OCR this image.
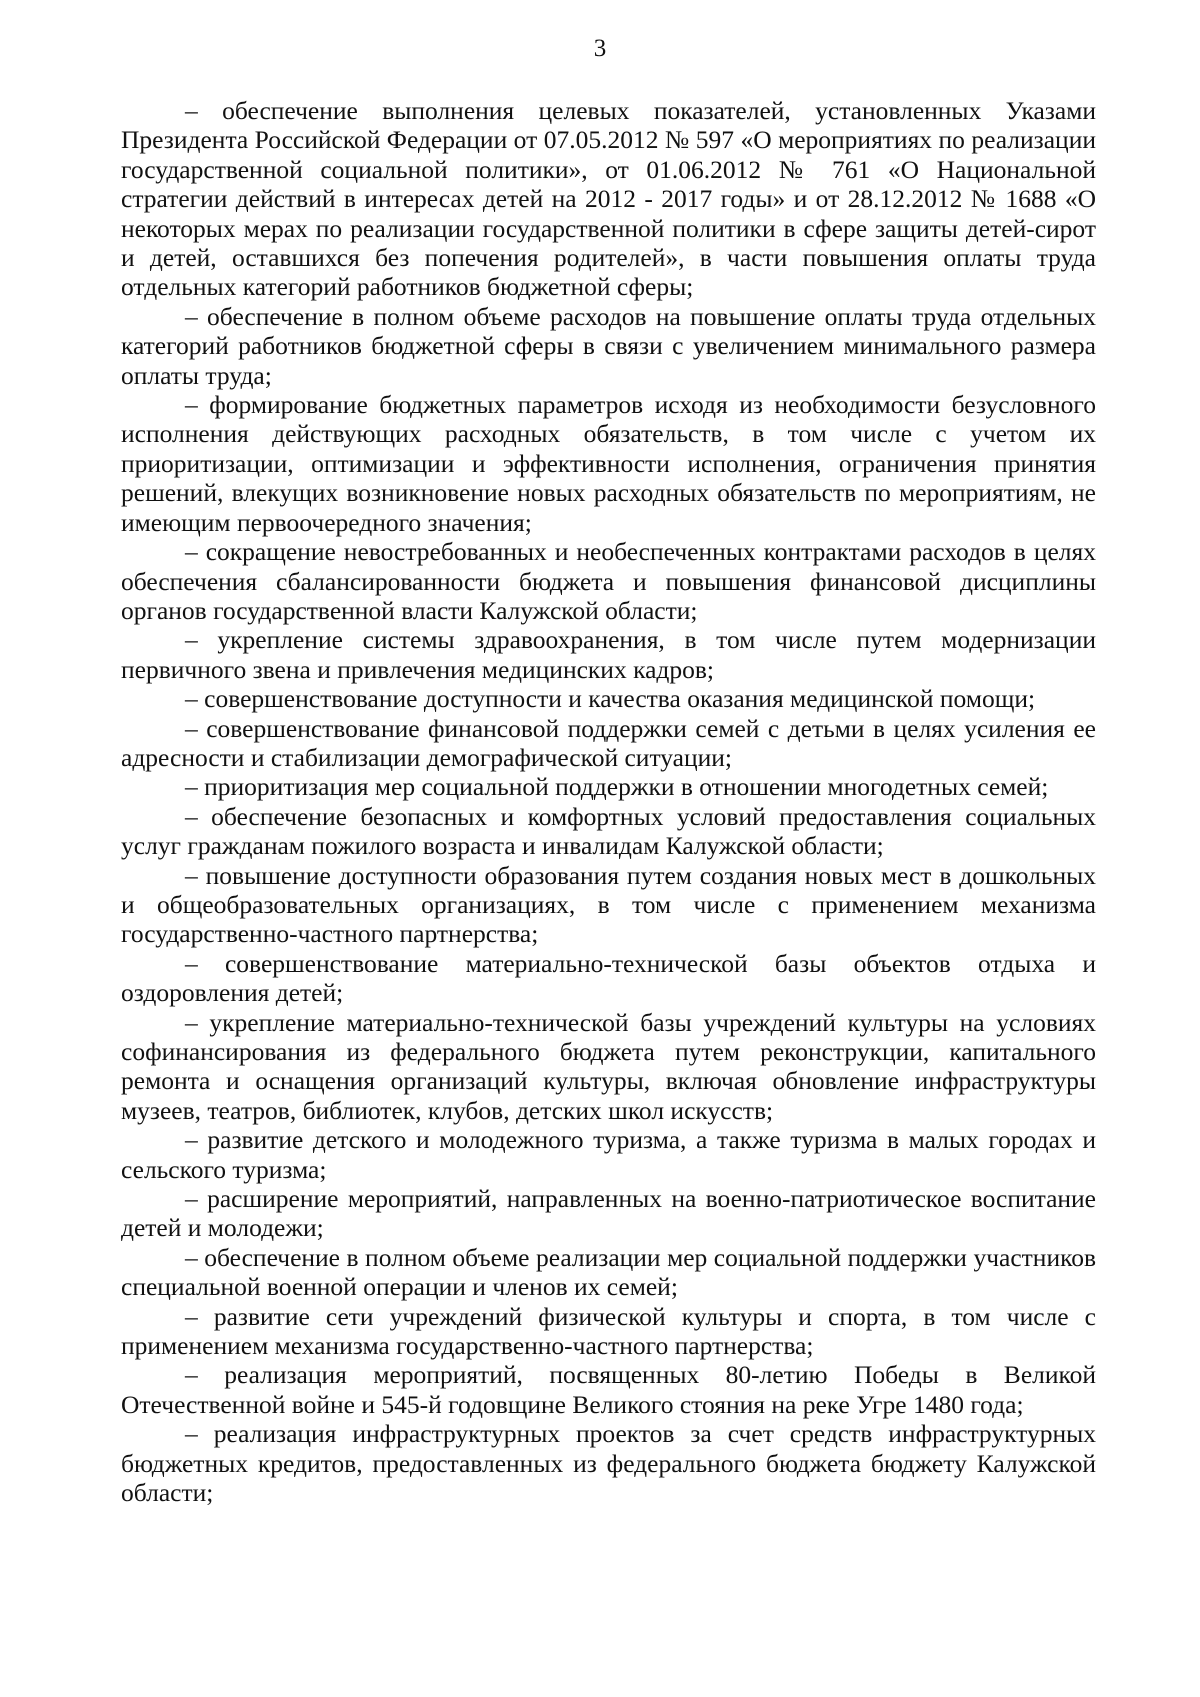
3

– обеспечение выполнения целевых показателей, установленных Указами Президента Российской Федерации от 07.05.2012 № 597 «О мероприятиях по реализации государственной социальной политики», от 01.06.2012 № 761 «О Национальной стратегии действий в интересах детей на 2012 - 2017 годы» и от 28.12.2012 № 1688 «О некоторых мерах по реализации государственной политики в сфере защиты детей-сирот и детей, оставшихся без попечения родителей», в части повышения оплаты труда отдельных категорий работников бюджетной сферы;

– обеспечение в полном объеме расходов на повышение оплаты труда отдельных категорий работников бюджетной сферы в связи с увеличением минимального размера оплаты труда;

– формирование бюджетных параметров исходя из необходимости безусловного исполнения действующих расходных обязательств, в том числе с учетом их приоритизации, оптимизации и эффективности исполнения, ограничения принятия решений, влекущих возникновение новых расходных обязательств по мероприятиям, не имеющим первоочередного значения;

– сокращение невостребованных и необеспеченных контрактами расходов в целях обеспечения сбалансированности бюджета и повышения финансовой дисциплины органов государственной власти Калужской области;

– укрепление системы здравоохранения, в том числе путем модернизации первичного звена и привлечения медицинских кадров;

– совершенствование доступности и качества оказания медицинской помощи;

– совершенствование финансовой поддержки семей с детьми в целях усиления ее адресности и стабилизации демографической ситуации;

– приоритизация мер социальной поддержки в отношении многодетных семей;

– обеспечение безопасных и комфортных условий предоставления социальных услуг гражданам пожилого возраста и инвалидам Калужской области;

– повышение доступности образования путем создания новых мест в дошкольных и общеобразовательных организациях, в том числе с применением механизма государственно-частного партнерства;

– совершенствование материально-технической базы объектов отдыха и оздоровления детей;

– укрепление материально-технической базы учреждений культуры на условиях софинансирования из федерального бюджета путем реконструкции, капитального ремонта и оснащения организаций культуры, включая обновление инфраструктуры музеев, театров, библиотек, клубов, детских школ искусств;

– развитие детского и молодежного туризма, а также туризма в малых городах и сельского туризма;

– расширение мероприятий, направленных на военно-патриотическое воспитание детей и молодежи;

– обеспечение в полном объеме реализации мер социальной поддержки участников специальной военной операции и членов их семей;

– развитие сети учреждений физической культуры и спорта, в том числе с применением механизма государственно-частного партнерства;

– реализация мероприятий, посвященных 80-летию Победы в Великой Отечественной войне и 545-й годовщине Великого стояния на реке Угре 1480 года;

– реализация инфраструктурных проектов за счет средств инфраструктурных бюджетных кредитов, предоставленных из федерального бюджета бюджету Калужской области;
